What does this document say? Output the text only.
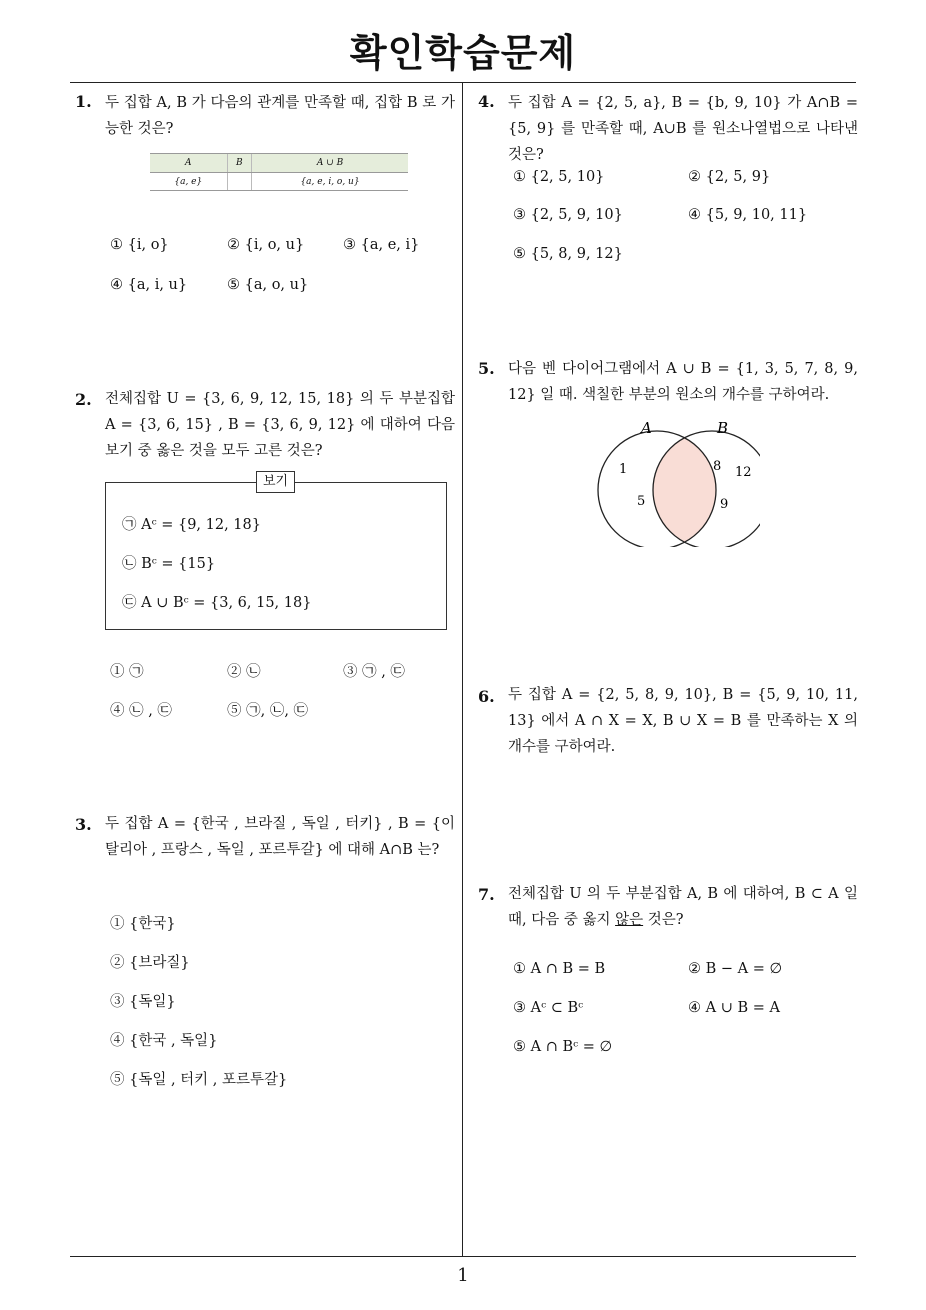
확인학습문제
1
1. 두 집합 A, B 가 다음의 관계를 만족할 때, 집합 B 로 가능한 것은?
A	B	A ∪ B
{a, e}		{a, e, i, o, u}
① {i, o}	② {i, o, u}	③ {a, e, i}
④ {a, i, u}	⑤ {a, o, u}
2. 전체집합 U = {3, 6, 9, 12, 15, 18} 의 두 부분집합 A = {3, 6, 15} , B = {3, 6, 9, 12} 에 대하여 다음 보기 중 옳은 것을 모두 고른 것은?
보기
㉠ Aᶜ = {9, 12, 18}
㉡ Bᶜ = {15}
㉢ A ∪ Bᶜ = {3, 6, 15, 18}
① ㉠	② ㉡	③ ㉠ , ㉢
④ ㉡ , ㉢	⑤ ㉠, ㉡, ㉢
3. 두 집합 A = {한국 , 브라질 , 독일 , 터키} , B = {이탈리아 , 프랑스 , 독일 , 포르투갈} 에 대해 A∩B 는?
① {한국}
② {브라질}
③ {독일}
④ {한국 , 독일}
⑤ {독일 , 터키 , 포르투갈}
4. 두 집합 A = {2, 5, a}, B = {b, 9, 10} 가 A∩B = {5, 9} 를 만족할 때, A∪B 를 원소나열법으로 나타낸 것은?
① {2, 5, 10}	② {2, 5, 9}
③ {2, 5, 9, 10}	④ {5, 9, 10, 11}
⑤ {5, 8, 9, 12}
5. 다음 벤 다이어그램에서 A ∪ B = {1, 3, 5, 7, 8, 9, 12} 일 때. 색칠한 부분의 원소의 개수를 구하여라.
A	B
1
5
8 12
9
6. 두 집합 A = {2, 5, 8, 9, 10}, B = {5, 9, 10, 11, 13} 에서 A ∩ X = X, B ∪ X = B 를 만족하는 X 의 개수를 구하여라.
7. 전체집합 U 의 두 부분집합 A, B 에 대하여, B ⊂ A 일 때, 다음 중 옳지 않은 것은?
① A ∩ B = B	② B − A = ∅
③ Aᶜ ⊂ Bᶜ	④ A ∪ B = A
⑤ A ∩ Bᶜ = ∅
